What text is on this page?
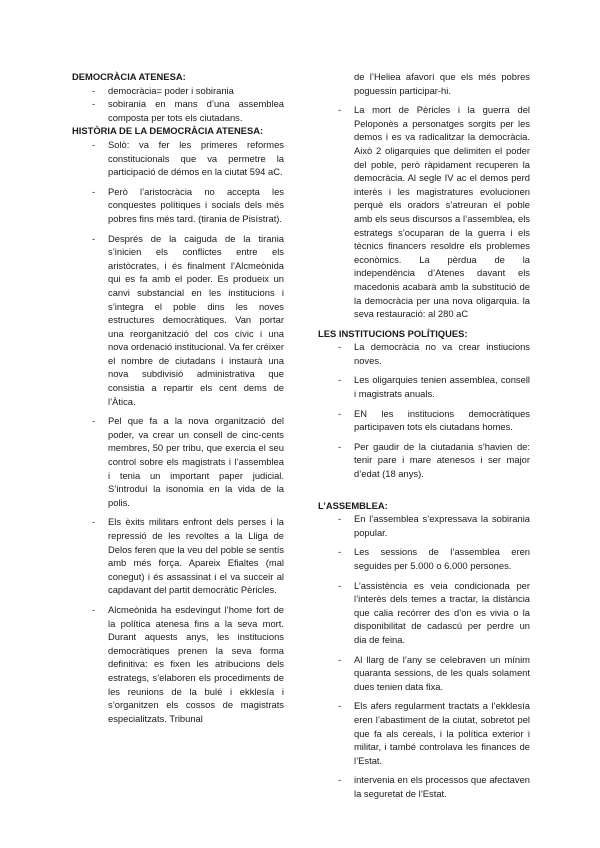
DEMOCRÀCIA ATENESA:

- democràcia= poder i sobirania
- sobirania en mans d’una assemblea composta per tots els ciutadans.

HISTÒRIA DE LA DEMOCRÀCIA ATENESA:

- Solò: va fer les primeres reformes constitucionals que va permetre la participació de démos en la ciutat 594 aC.
- Però l’aristocràcia no accepta les conquestes polítiques i socials dels més pobres fins més tard. (tirania de Pisístrat).
- Després de la caiguda de la tirania s’inicien els conflictes entre els aristòcrates, i és finalment l’Alcmeònida qui es fa amb el poder. Es produeix un canvi substancial en les institucions i s’integra el poble dins les noves estructures democràtiques. Van portar una reorganització del cos cívic i una nova ordenació institucional. Va fer créixer el nombre de ciutadans i instaurà una nova subdivisió administrativa que consistia a repartir els cent dems de l’Àtica.
- Pel que fa a la nova organització del poder, va crear un consell de cinc-cents membres, 50 per tribu, que exercia el seu control sobre els magistrats i l’assemblea i tenia un important paper judicial. S’introduí la isonomia en la vida de la polis.
- Els èxits militars enfront dels perses i la repressió de les revoltes a la Lliga de Delos feren que la veu del poble se sentís amb més força. Apareix Efialtes (mal conegut) i és assassinat i el va succeir al capdavant del partit democràtic Pèricles.
- Alcmeònida ha esdevingut l’home fort de la política atenesa fins a la seva mort. Durant aquests anys, les institucions democràtiques prenen la seva forma definitiva: es fixen les atribucions dels estrategs, s’elaboren els procediments de les reunions de la bulé i ekklesía i s’organitzen els cossos de magistrats especialitzats. Tribunal
de l’Heliea afavorí que els més pobres poguessin participar-hi.
- La mort de Pèricles i la guerra del Peloponès a personatges sorgits per les demos i es va radicalitzar la democràcia. Això 2 oligarquies que delimiten el poder del poble, però ràpidament recuperen la democràcia. Al segle IV ac el demos perd interès i les magistratures evolucionen perquè els oradors s’atreuran el poble amb els seus discursos a l’assemblea, els estrategs s’ocuparan de la guerra i els tècnics financers resoldre els problemes econòmics. La pèrdua de la independència d’Atenes davant els macedonis acabarà amb la substitució de la democràcia per una nova oligarquia. la seva restauració: al 280 aC

LES INSTITUCIONS POLÍTIQUES:

- La democràcia no va crear instiucions noves.
- Les oligarquies tenien assemblea, consell i magistrats anuals.
- EN les institucions democràtiques participaven tots els ciutadans homes.
- Per gaudir de la ciutadania s’havien de: tenir pare i mare atenesos i ser major d’edat (18 anys).

L’ASSEMBLEA:

- En l’assemblea s’expressava la sobirania popular.
- Les sessions de l’assemblea eren seguides per 5.000 o 6.000 persones.
- L’assistència es veia condicionada per l’interès dels temes a tractar, la distància que calia recórrer des d’on es vivia o la disponibilitat de cadascú per perdre un dia de feina.
- Al llarg de l’any se celebraven un mínim quaranta sessions, de les quals solament dues tenien data fixa.
- Els afers regularment tractats a l’ekklesía eren l’abastiment de la ciutat, sobretot pel que fa als cereals, i la política exterior i militar, i també controlava les finances de l’Estat.
- intervenia en els processos que afectaven la seguretat de l’Estat.
